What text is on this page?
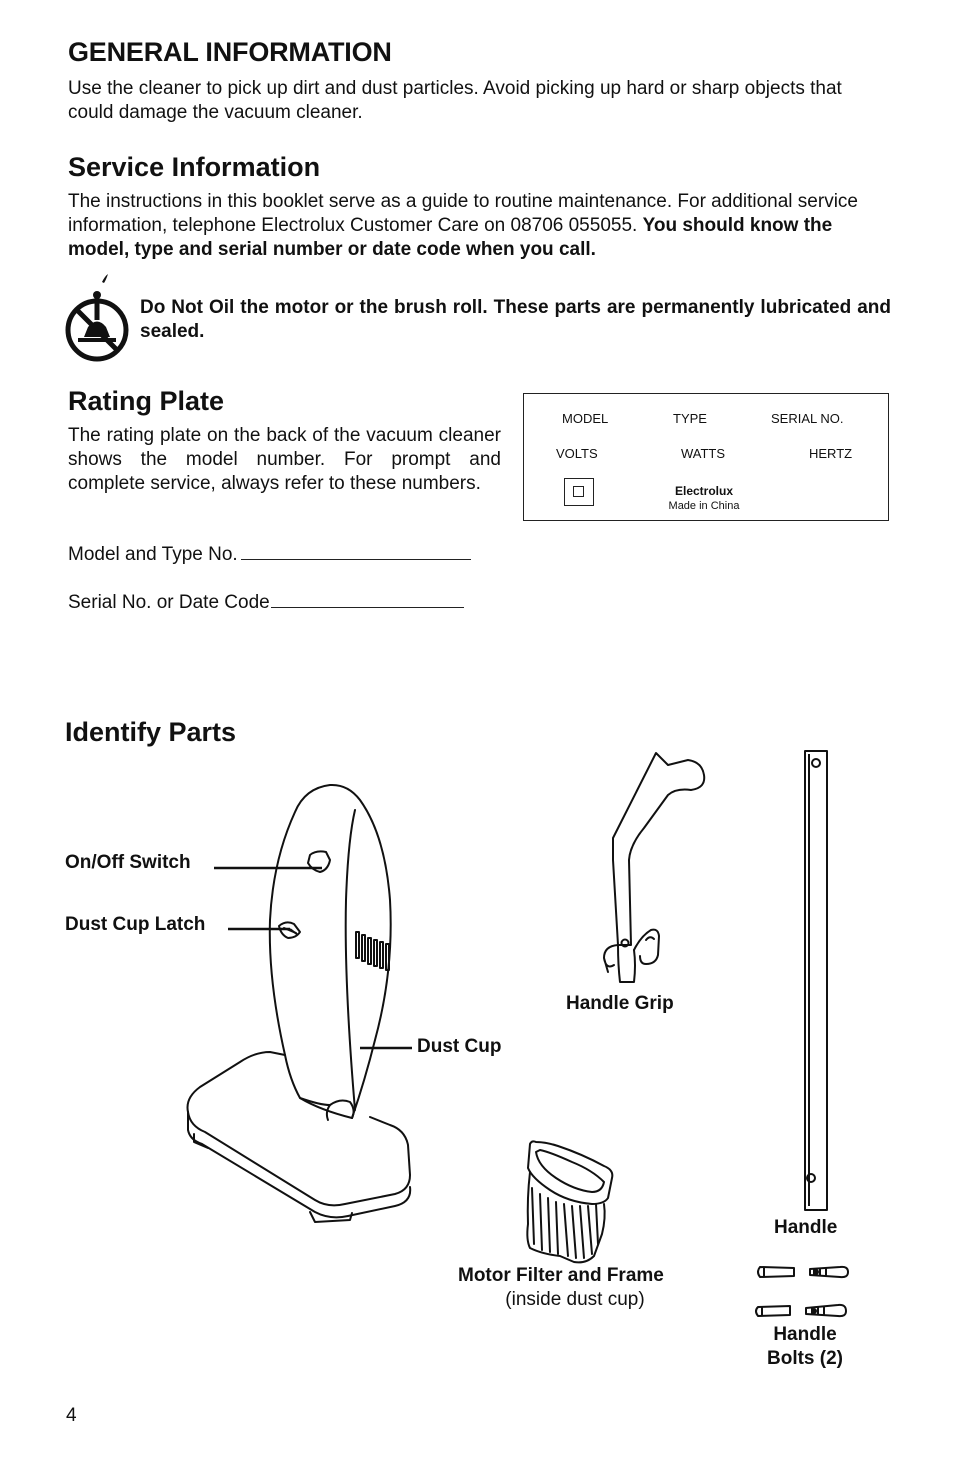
GENERAL INFORMATION

Use the cleaner to pick up dirt and dust particles. Avoid picking up hard or sharp objects that could damage the vacuum cleaner.

Service Information

The instructions in this booklet serve as a guide to routine maintenance. For additional service information, telephone Electrolux Customer Care on 08706 055055. You should know the model, type and serial number or date code when you call.

Do Not Oil the motor or the brush roll. These parts are permanently lubricated and sealed.
Rating Plate

The rating plate on the back of the vacuum cleaner shows the model number. For prompt and complete service, always refer to these numbers.

Model and Type No.
Serial No. or Date Code
MODEL	TYPE	SERIAL NO.
VOLTS	WATTS	HERTZ
Electrolux
Made in China
Identify Parts
On/Off Switch
Dust Cup Latch
Dust Cup
Handle Grip
Handle
Motor Filter and Frame
(inside dust cup)
Handle
Bolts (2)
4
